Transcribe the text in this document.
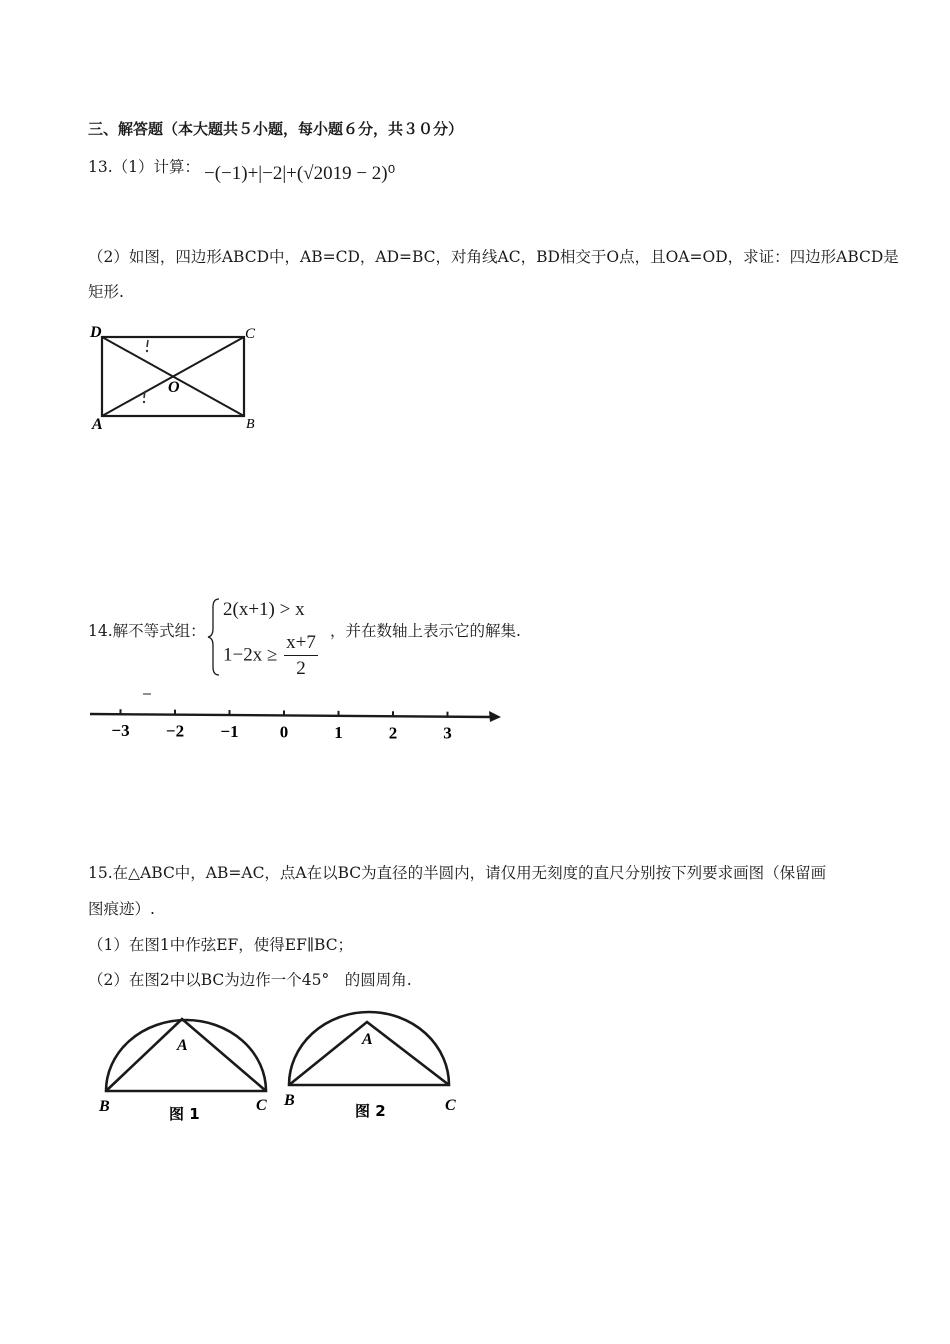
三、解答题（本大题共５小题，每小题６分，共３０分）
13.（1）计算： −(−1)+|−2|+(√2019 − 2)⁰
（2）如图，四边形ABCD中，AB=CD，AD=BC，对角线AC，BD相交于O点，且OA=OD，求证：四边形ABCD是
矩形.
D	C
O
A	B
14.解不等式组：
2(x+1) > x
$1-2x \ge \frac{x+7}{2}$
，并在数轴上表示它的解集.
−3 −2 −1 0	1	2	3
15.在△ABC中，AB=AC，点A在以BC为直径的半圆内，请仅用无刻度的直尺分别按下列要求画图（保留画
图痕迹）.
（1）在图1中作弦EF，使得EF∥BC；
（2）在图2中以BC为边作一个45°　的圆周角.
A
B	C
图 1
A
B	C
图 2
